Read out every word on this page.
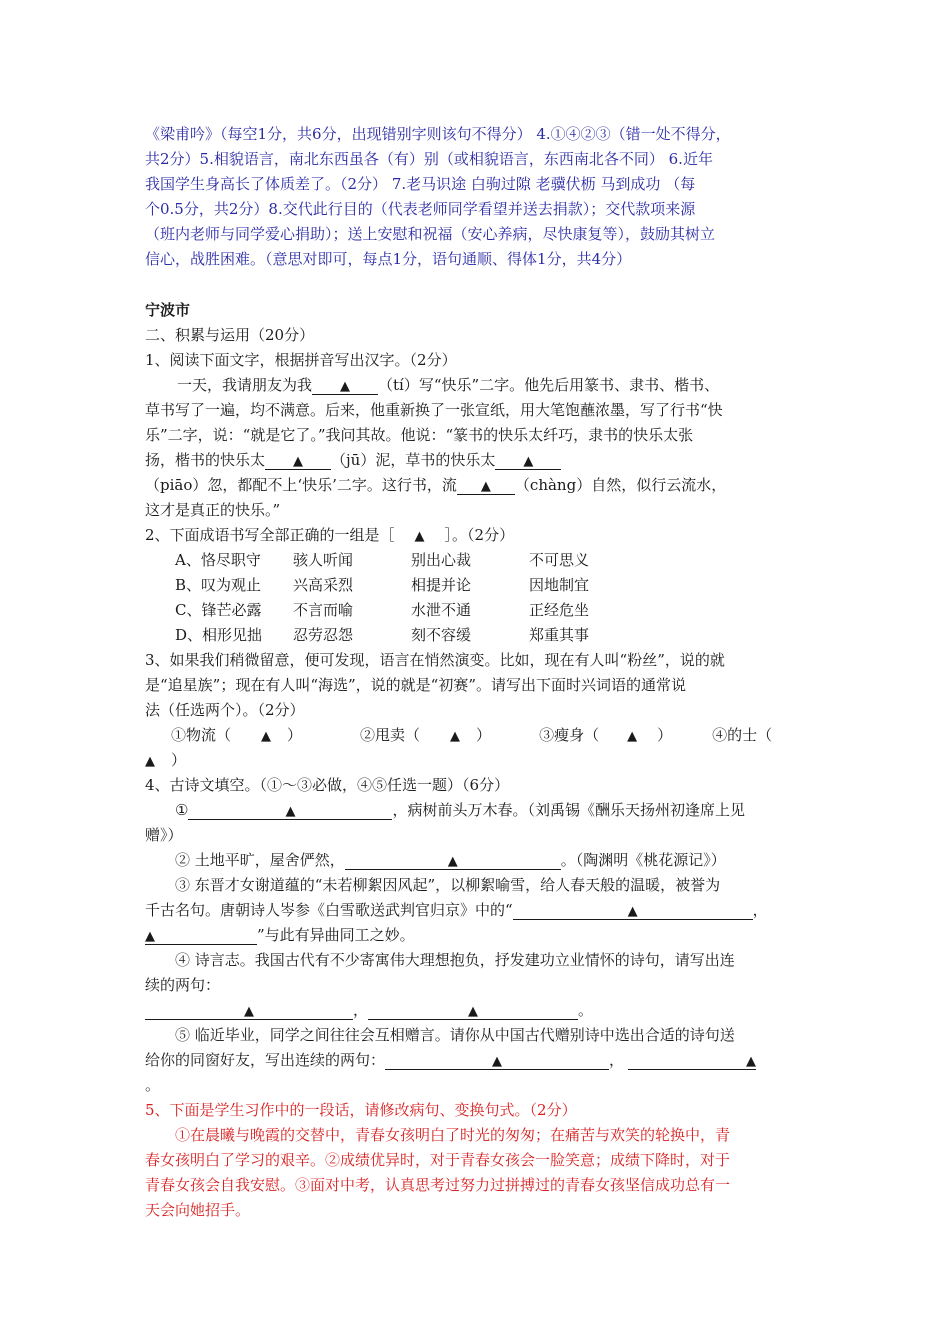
《梁甫吟》（每空1分，共6分，出现错别字则该句不得分） 4.①④②③（错一处不得分，
共2分）5.相貌语言，南北东西虽各（有）别（或相貌语言，东西南北各不同） 6.近年
我国学生身高长了体质差了。（2分） 7.老马识途 白驹过隙 老骥伏枥 马到成功 （每
个0.5分，共2分）8.交代此行目的（代表老师同学看望并送去捐款）；交代款项来源
（班内老师与同学爱心捐助）；送上安慰和祝福（安心养病，尽快康复等），鼓励其树立
信心，战胜困难。（意思对即可，每点1分，语句通顺、得体1分，共4分）
宁波市
二、积累与运用（20分）
1、阅读下面文字，根据拼音写出汉字。（2分）
一天，我请朋友为我 ▲ （tí）写“快乐”二字。他先后用篆书、隶书、楷书、
草书写了一遍，均不满意。后来，他重新换了一张宣纸，用大笔饱蘸浓墨，写了行书“快
乐”二字，说：“就是它了。”我问其故。他说：“篆书的快乐太纤巧，隶书的快乐太张
扬，楷书的快乐太 ▲ （jū）泥，草书的快乐太 ▲
（piāo）忽，都配不上‘快乐’二字。这行书，流 ▲ （chàng）自然，似行云流水，
这才是真正的快乐。”
2、下面成语书写全部正确的一组是［ ▲ ］。（2分）
A、恪尽职守 骇人听闻	别出心裁	不可思义
B、叹为观止 兴高采烈	相提并论	因地制宜
C、锋芒必露 不言而喻	水泄不通	正经危坐
D、相形见拙 忍劳忍怨	刻不容缓	郑重其事
3、如果我们稍微留意，便可发现，语言在悄然演变。比如，现在有人叫“粉丝”，说的就
是“追星族”；现在有人叫“海选”，说的就是“初赛”。请写出下面时兴词语的通常说
法（任选两个）。（2分）
①物流（ ▲ ）	②甩卖（ ▲ ）	③瘦身（ ▲ ）	④的士（
▲ ）
4、古诗文填空。（①～③必做，④⑤任选一题）（6分）
①	▲	，病树前头万木春。（刘禹锡《酬乐天扬州初逢席上见
赠》）
② 土地平旷，屋舍俨然，	▲	。（陶渊明《桃花源记》）
③ 东晋才女谢道蕴的“未若柳絮因风起”，以柳絮喻雪，给人春天般的温暖，被誉为
千古名句。唐朝诗人岑参《白雪歌送武判官归京》中的“	▲	，
▲	”与此有异曲同工之妙。
④ 诗言志。我国古代有不少寄寓伟大理想抱负，抒发建功立业情怀的诗句，请写出连
续的两句：
▲	，	▲	。
⑤ 临近毕业，同学之间往往会互相赠言。请你从中国古代赠别诗中选出合适的诗句送
给你的同窗好友，写出连续的两句：	▲	，	▲
。
5、下面是学生习作中的一段话，请修改病句、变换句式。（2分）
①在晨曦与晚霞的交替中，青春女孩明白了时光的匆匆；在痛苦与欢笑的轮换中，青
春女孩明白了学习的艰辛。②成绩优异时，对于青春女孩会一脸笑意；成绩下降时，对于
青春女孩会自我安慰。③面对中考，认真思考过努力过拼搏过的青春女孩坚信成功总有一
天会向她招手。
